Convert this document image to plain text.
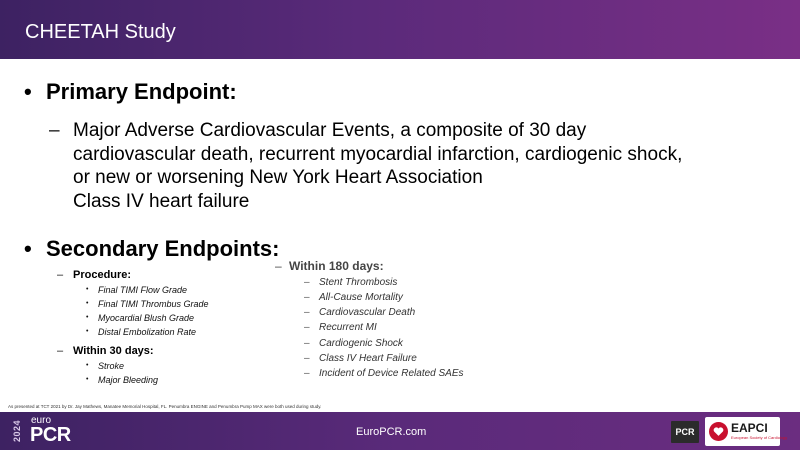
CHEETAH Study
• Primary Endpoint:
– Major Adverse Cardiovascular Events, a composite of 30 day
cardiovascular death, recurrent myocardial infarction, cardiogenic shock,
or new or worsening New York Heart Association
Class IV heart failure
• Secondary Endpoints:
– Procedure:
• Final TIMI Flow Grade
• Final TIMI Thrombus Grade
• Myocardial Blush Grade
• Distal Embolization Rate
– Within 30 days:
• Stroke
• Major Bleeding
– Within 180 days:
– Stent Thrombosis
– All-Cause Mortality
– Cardiovascular Death
– Recurrent MI
– Cardiogenic Shock
– Class IV Heart Failure
– Incident of Device Related SAEs
As presented at TCT 2021 by Dr. Jay Mathews, Manatee Memorial Hospital, FL. Penumbra ENGINE and Penumbra Pump MAX were both used during study.
2024 euro
PCR	EuroPCR.com	PCR	EAPCI
European Society of Cardiology
